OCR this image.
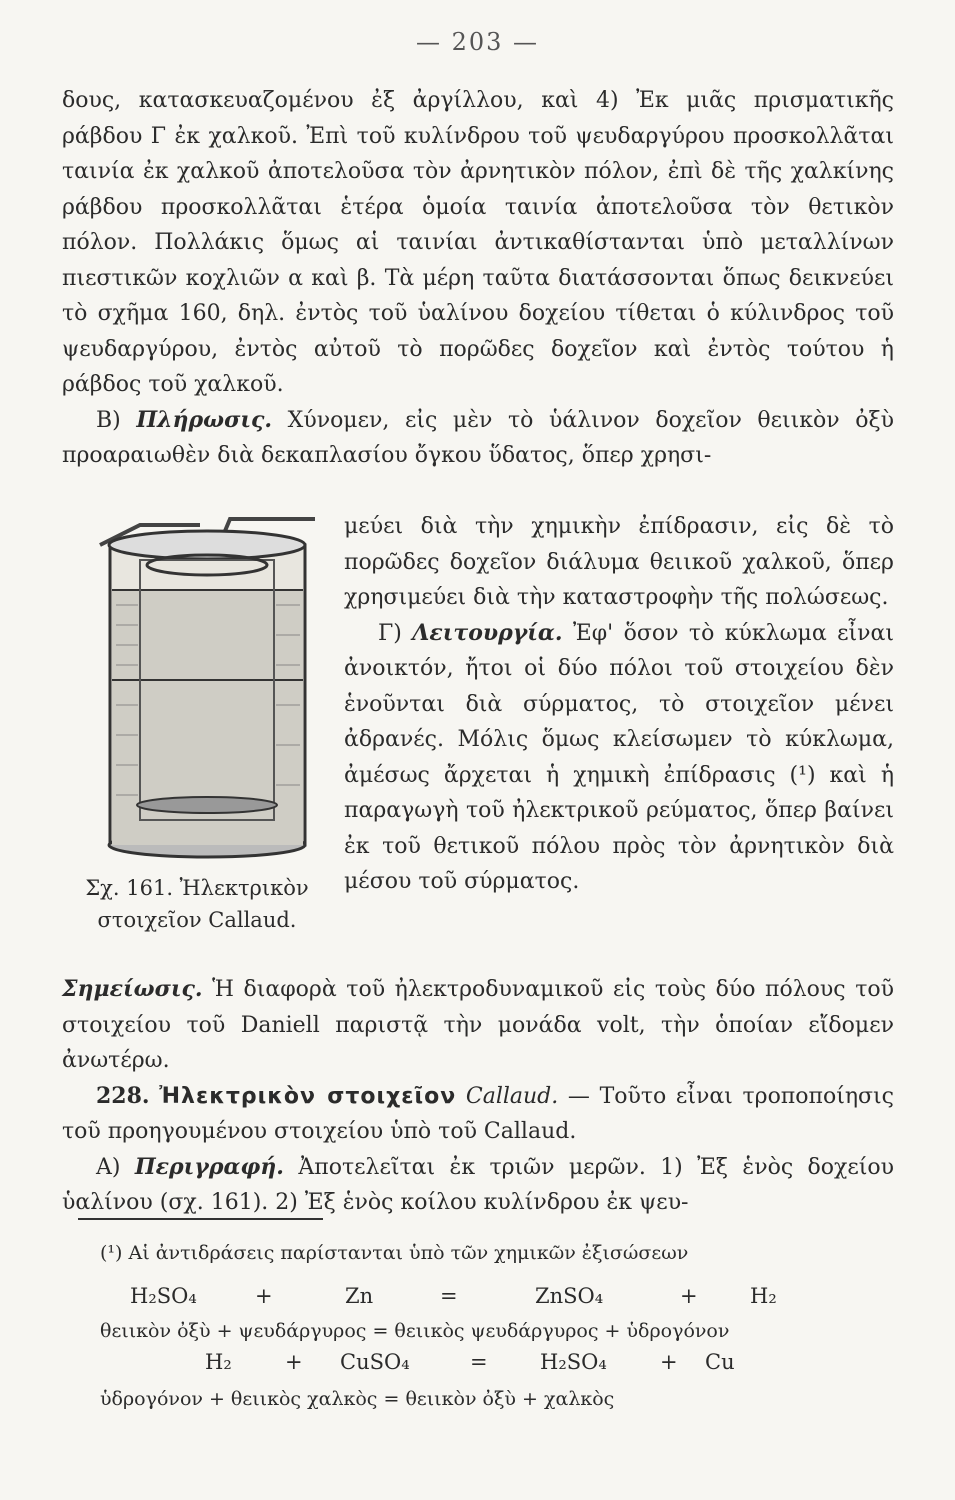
— 203 —

δους, κατασκευαζομένου ἐξ ἀργίλλου, καὶ 4) Ἐκ μιᾶς πρισματικῆς ράβδου Γ ἐκ χαλκοῦ. Ἐπὶ τοῦ κυλίνδρου τοῦ ψευδαργύρου προσκολλᾶται ταινία ἐκ χαλκοῦ ἀποτελοῦσα τὸν ἀρνητικὸν πόλον, ἐπὶ δὲ τῆς χαλκίνης ράβδου προσκολλᾶται ἑτέρα ὁμοία ταινία ἀποτελοῦσα τὸν θετικὸν πόλον. Πολλάκις ὅμως αἱ ταινίαι ἀντικαθίστανται ὑπὸ μεταλλίνων πιεστικῶν κοχλιῶν α καὶ β. Τὰ μέρη ταῦτα διατάσσονται ὅπως δεικνεύει τὸ σχῆμα 160, δηλ. ἐντὸς τοῦ ὑαλίνου δοχείου τίθεται ὁ κύλινδρος τοῦ ψευδαργύρου, ἐντὸς αὐτοῦ τὸ πορῶδες δοχεῖον καὶ ἐντὸς τούτου ἡ ράβδος τοῦ χαλκοῦ.

Β) Πλήρωσις. Χύνομεν, εἰς μὲν τὸ ὑάλινον δοχεῖον θειικὸν ὀξὺ προαραιωθὲν διὰ δεκαπλασίου ὄγκου ὕδατος, ὅπερ χρησι-

Σχ. 161. Ἠλεκτρικὸν
στοιχεῖον Callaud.

μεύει διὰ τὴν χημικὴν ἐπίδρασιν, εἰς δὲ τὸ πορῶδες δοχεῖον διάλυμα θειικοῦ χαλκοῦ, ὅπερ χρησιμεύει διὰ τὴν καταστροφὴν τῆς πολώσεως.

Γ) Λειτουργία. Ἐφ' ὅσον τὸ κύκλωμα εἶναι ἀνοικτόν, ἤτοι οἱ δύο πόλοι τοῦ στοιχείου δὲν ἑνοῦνται διὰ σύρματος, τὸ στοιχεῖον μένει ἀδρανές. Μόλις ὅμως κλείσωμεν τὸ κύκλωμα, ἀμέσως ἄρχεται ἡ χημικὴ ἐπίδρασις (¹) καὶ ἡ παραγωγὴ τοῦ ἠλεκτρικοῦ ρεύματος, ὅπερ βαίνει ἐκ τοῦ θετικοῦ πόλου πρὸς τὸν ἀρνητικὸν διὰ μέσου τοῦ σύρματος.

Σημείωσις. Ἡ διαφορὰ τοῦ ἠλεκτροδυναμικοῦ εἰς τοὺς δύο πόλους τοῦ στοιχείου τοῦ Daniell παριστᾷ τὴν μονάδα volt, τὴν ὁποίαν εἴδομεν ἀνωτέρω.

228. Ἠλεκτρικὸν στοιχεῖον Callaud. — Τοῦτο εἶναι τροποποίησις τοῦ προηγουμένου στοιχείου ὑπὸ τοῦ Callaud.

Α) Περιγραφή. Ἀποτελεῖται ἐκ τριῶν μερῶν. 1) Ἐξ ἑνὸς δοχείου ὑαλίνου (σχ. 161). 2) Ἐξ ἑνὸς κοίλου κυλίνδρου ἐκ ψευ-

(¹) Αἱ ἀντιδράσεις παρίστανται ὑπὸ τῶν χημικῶν ἐξισώσεων
H₂SO₄	+	Zn	=	ZnSO₄	+ H₂
θειικὸν ὀξὺ + ψευδάργυρος = θειικὸς ψευδάργυρος + ὑδρογόνον
H₂	+ CuSO₄	= H₂SO₄	+ Cu
ὑδρογόνον + θειικὸς χαλκὸς = θειικὸν ὀξὺ + χαλκὸς
